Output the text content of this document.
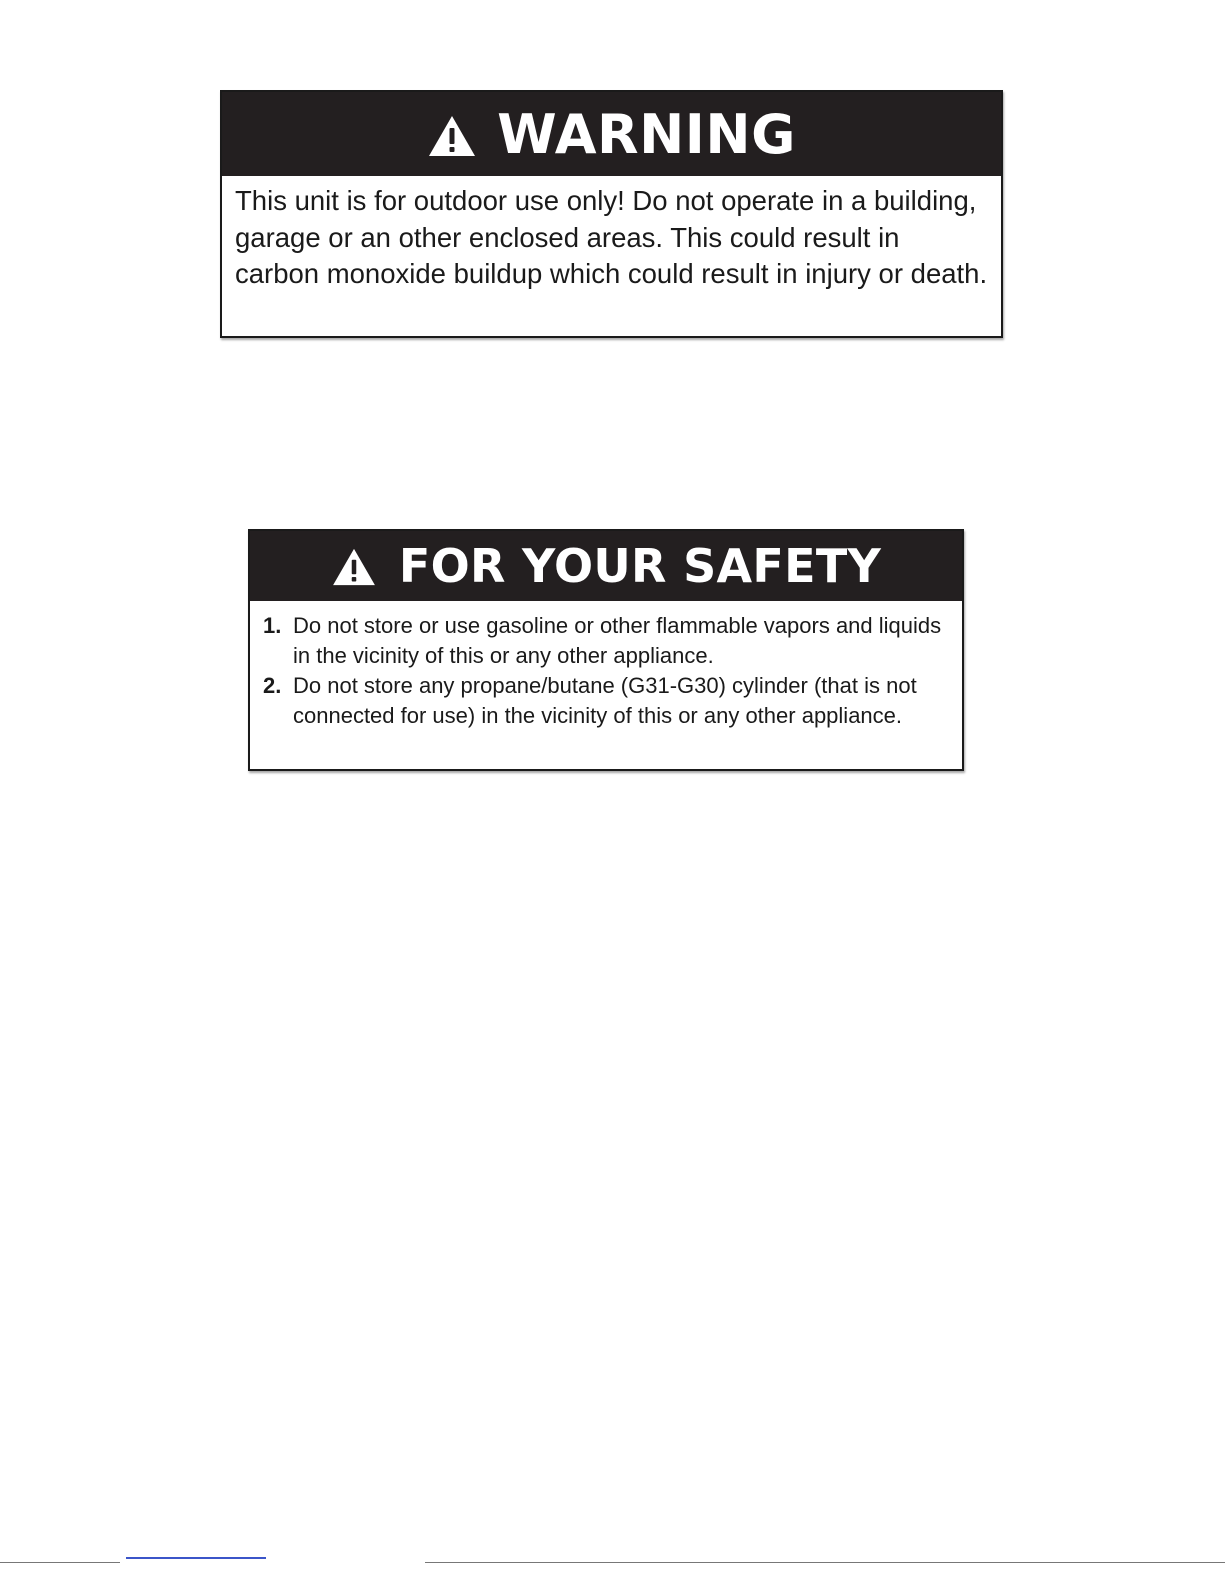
WARNING
This unit is for outdoor use only! Do not operate in a building, garage or an other enclosed areas. This could result in carbon monoxide buildup which could result in injury or death.
FOR YOUR SAFETY
1. Do not store or use gasoline or other flammable vapors and liquids in the vicinity of this or any other appliance.
2. Do not store any propane/butane (G31-G30) cylinder (that is not connected for use) in the vicinity of this or any other appliance.
